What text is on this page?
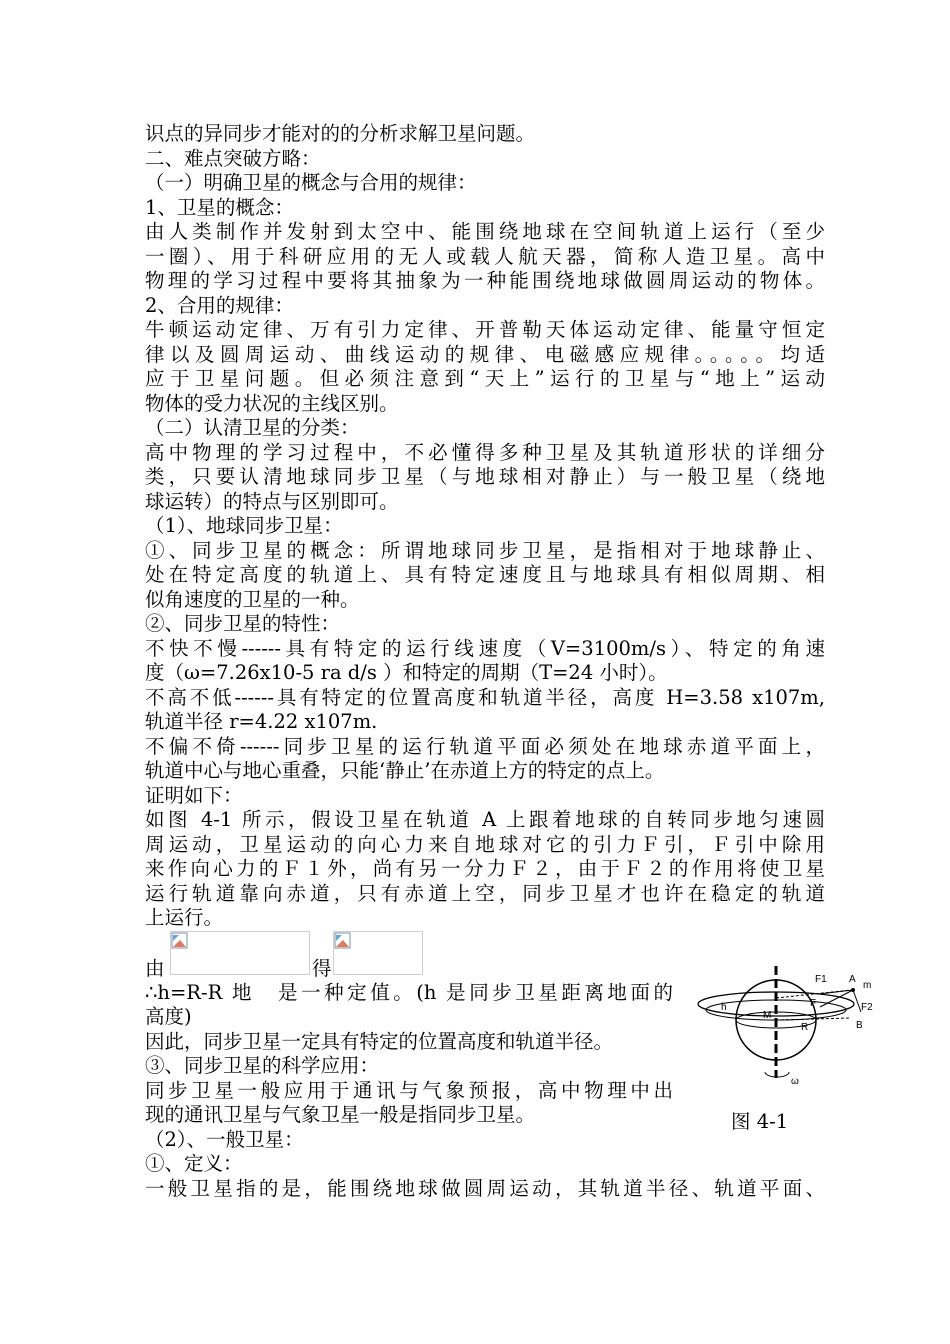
识点的异同步才能对的的分析求解卫星问题。
二、难点突破方略：
（一）明确卫星的概念与合用的规律：
1、卫星的概念：
由人类制作并发射到太空中、能围绕地球在空间轨道上运行（至少
一圈）、用于科研应用的无人或载人航天器，简称人造卫星。高中
物理的学习过程中要将其抽象为一种能围绕地球做圆周运动的物体。
2、合用的规律：
牛顿运动定律、万有引力定律、开普勒天体运动定律、能量守恒定
律以及圆周运动、曲线运动的规律、电磁感应规律。。。。。均适
应于卫星问题。但必须注意到“天上”运行的卫星与“地上”运动
物体的受力状况的主线区别。
（二）认清卫星的分类：
高中物理的学习过程中，不必懂得多种卫星及其轨道形状的详细分
类，只要认清地球同步卫星（与地球相对静止）与一般卫星（绕地
球运转）的特点与区别即可。
（1）、地球同步卫星：
①、同步卫星的概念：所谓地球同步卫星，是指相对于地球静止、
处在特定高度的轨道上、具有特定速度且与地球具有相似周期、相
似角速度的卫星的一种。
②、同步卫星的特性：
不快不慢------具有特定的运行线速度（V=3100m/s）、特定的角速
度（ω=7.26x10-5 ra d/s ）和特定的周期（T=24 小时）。
不高不低------具有特定的位置高度和轨道半径，高度 H=3.58 x107m,
轨道半径 r=4.22 x107m.
不偏不倚------同步卫星的运行轨道平面必须处在地球赤道平面上，
轨道中心与地心重叠，只能‘静止’在赤道上方的特定的点上。
证明如下：
如图 4-1 所示，假设卫星在轨道 A 上跟着地球的自转同步地匀速圆
周运动，卫星运动的向心力来自地球对它的引力Ｆ引，Ｆ引中除用
来作向心力的Ｆ１外，尚有另一分力Ｆ２，由于Ｆ２的作用将使卫星
运行轨道靠向赤道，只有赤道上空，同步卫星才也许在稳定的轨道
上运行。
由	得
∴h=R-R 地　是一种定值。(h 是同步卫星距离地面的
高度)
因此，同步卫星一定具有特定的位置高度和轨道半径。
③、同步卫星的科学应用：
同步卫星一般应用于通讯与气象预报，高中物理中出
现的通讯卫星与气象卫星一般是指同步卫星。
（2）、一般卫星：
①、定义：
一般卫星指的是，能围绕地球做圆周运动，其轨道半径、轨道平面、
F1 A
m
F2
F
h
M
R	B
ω
图 4-1
